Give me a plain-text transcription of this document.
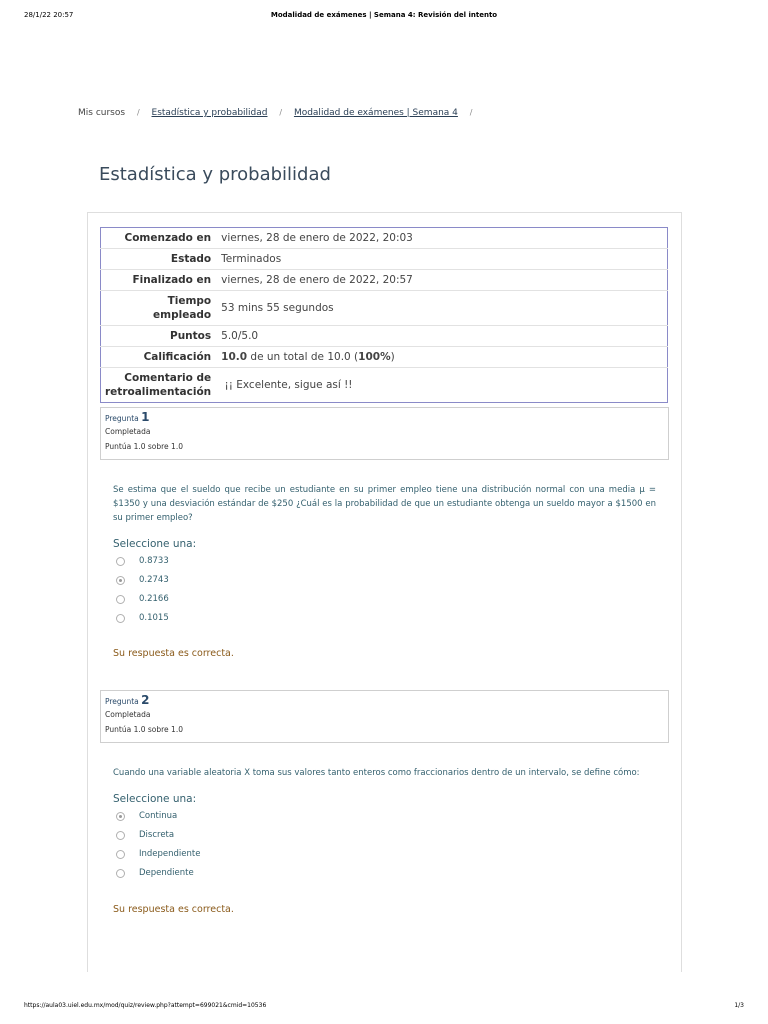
28/1/22 20:57	Modalidad de exámenes | Semana 4: Revisión del intento
Mis cursos / Estadística y probabilidad / Modalidad de exámenes | Semana 4 /
Estadística y probabilidad
Comenzado en	viernes, 28 de enero de 2022, 20:03
Estado	Terminados
Finalizado en	viernes, 28 de enero de 2022, 20:57
Tiempo
empleado	53 mins 55 segundos
Puntos	5.0/5.0
Calificación	10.0 de un total de 10.0 (100%)
Comentario de
retroalimentación	¡¡ Excelente, sigue así !!
Pregunta 1
Completada
Puntúa 1.0 sobre 1.0

Se estima que el sueldo que recibe un estudiante en su primer empleo tiene una distribución normal con una media μ = $1350 y una desviación estándar de $250 ¿Cuál es la probabilidad de que un estudiante obtenga un sueldo mayor a $1500 en su primer empleo?

Seleccione una:
0.8733
0.2743
0.2166
0.1015
Su respuesta es correcta.
Pregunta 2
Completada
Puntúa 1.0 sobre 1.0

Cuando una variable aleatoria X toma sus valores tanto enteros como fraccionarios dentro de un intervalo, se define cómo:

Seleccione una:
Continua
Discreta
Independiente
Dependiente
Su respuesta es correcta.
https://aula03.uiel.edu.mx/mod/quiz/review.php?attempt=699021&cmid=10536	1/3
